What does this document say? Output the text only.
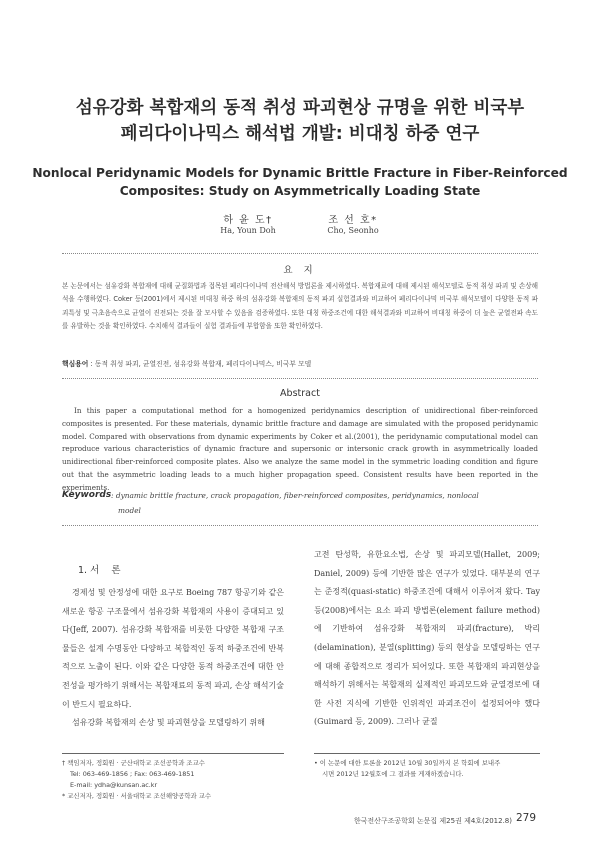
섬유강화 복합재의 동적 취성 파괴현상 규명을 위한 비국부
페리다이나믹스 해석법 개발: 비대칭 하중 연구
Nonlocal Peridynamic Models for Dynamic Brittle Fracture in Fiber-Reinforced
Composites: Study on Asymmetrically Loading State
하 윤 도†
Ha, Youn Doh
조 선 호*
Cho, Seonho
요 지
본 논문에서는 섬유강화 복합재에 대해 균질화법과 접목된 페리다이나믹 전산해석 방법론을 제시하였다. 복합재료에 대해 제시된 해석모델로 동적 취성 파괴 및 손상해석을 수행하였다. Coker 등(2001)에서 제시된 비대칭 하중 하의 섬유강화 복합재의 동적 파괴 실험결과와 비교하여 페리다이나믹 비국부 해석모델이 다양한 동적 파괴특성 및 극초음속으로 균열이 진전되는 것을 잘 모사할 수 있음을 검증하였다. 또한 대칭 하중조건에 대한 해석결과와 비교하여 비대칭 하중이 더 높은 균열전파 속도를 유발하는 것을 확인하였다. 수치해석 결과들이 실험 결과들에 부합함을 또한 확인하였다.
핵심용어 : 동적 취성 파괴, 균열진전, 섬유강화 복합재, 페리다이나믹스, 비국부 모델
Abstract
In this paper a computational method for a homogenized peridynamics description of unidirectional fiber-reinforced composites is presented. For these materials, dynamic brittle fracture and damage are simulated with the proposed peridynamic model. Compared with observations from dynamic experiments by Coker et al.(2001), the peridynamic computational model can reproduce various characteristics of dynamic fracture and supersonic or intersonic crack growth in asymmetrically loaded unidirectional fiber-reinforced composite plates. Also we analyze the same model in the symmetric loading condition and figure out that the asymmetric loading leads to a much higher propagation speed. Consistent results have been reported in the experiments.
Keywords : dynamic brittle fracture, crack propagation, fiber-reinforced composites, peridynamics, nonlocal
model
1. 서    론

경제성 및 안정성에 대한 요구로 Boeing 787 항공기와 같은 새로운 항공 구조물에서 섬유강화 복합재의 사용이 증대되고 있다(Jeff, 2007). 섬유강화 복합재를 비롯한 다양한 복합재 구조물들은 설계 수명동안 다양하고 복합적인 동적 하중조건에 반복적으로 노출이 된다. 이와 같은 다양한 동적 하중조건에 대한 안전성을 평가하기 위해서는 복합재료의 동적 파괴, 손상 해석기술이 반드시 필요하다.

섬유강화 복합재의 손상 및 파괴현상을 모델링하기 위해

고전 탄성학, 유한요소법, 손상 및 파괴모델(Hallet, 2009; Daniel, 2009) 등에 기반한 많은 연구가 있었다. 대부분의 연구는 준정적(quasi-static) 하중조건에 대해서 이루어져 왔다. Tay 등(2008)에서는 요소 파괴 방법론(element failure method)에 기반하여 섬유강화 복합재의 파괴(fracture), 박리(delamination), 분열(splitting) 등의 현상을 모델링하는 연구에 대해 종합적으로 정리가 되어있다. 또한 복합재의 파괴현상을 해석하기 위해서는 복합재의 실제적인 파괴모드와 균열경로에 대한 사전 지식에 기반한 인위적인 파괴조건이 설정되어야 했다(Guimard 등, 2009). 그러나 균질

† 책임저자, 정회원 · 군산대학교 조선공학과 조교수

Tel: 063-469-1856 ; Fax: 063-469-1851

E-mail: ydha@kunsan.ac.kr

* 교신저자, 정회원 · 서울대학교 조선해양공학과 교수

• 이 논문에 대한 토론을 2012년 10월 30일까지 본 학회에 보내주

시면 2012년 12월호에 그 결과를 게재하겠습니다.

한국전산구조공학회 논문집 제25권 제4호(2012.8) 279
